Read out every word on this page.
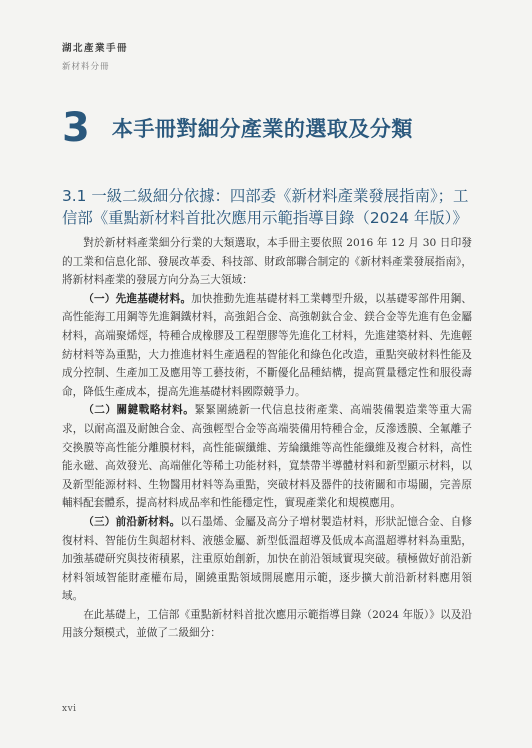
湖北產業手冊
新材料分冊
3 本手冊對細分產業的選取及分類
3.1 一級二級細分依據：四部委《新材料產業發展指南》；工信部《重點新材料首批次應用示範指導目錄（2024 年版）》

對於新材料產業細分行業的大類選取，本手冊主要依照 2016 年 12 月 30 日印發的工業和信息化部、發展改革委、科技部、財政部聯合制定的《新材料產業發展指南》，將新材料產業的發展方向分為三大領域：

（一）先進基礎材料。加快推動先進基礎材料工業轉型升級，以基礎零部件用鋼、高性能海工用鋼等先進鋼鐵材料，高強鋁合金、高強韌鈦合金、鎂合金等先進有色金屬材料，高端聚烯烴，特種合成橡膠及工程塑膠等先進化工材料，先進建築材料、先進輕紡材料等為重點，大力推進材料生產過程的智能化和綠色化改造，重點突破材料性能及成分控制、生產加工及應用等工藝技術，不斷優化品種結構，提高質量穩定性和服役壽命，降低生產成本，提高先進基礎材料國際競爭力。

（二）關鍵戰略材料。緊緊圍繞新一代信息技術產業、高端裝備製造業等重大需求，以耐高溫及耐蝕合金、高強輕型合金等高端裝備用特種合金，反滲透膜、全氟離子交換膜等高性能分離膜材料，高性能碳纖維、芳綸纖維等高性能纖維及複合材料，高性能永磁、高效發光、高端催化等稀土功能材料，寬禁帶半導體材料和新型顯示材料，以及新型能源材料、生物醫用材料等為重點，突破材料及器件的技術關和市場關，完善原輔料配套體系，提高材料成品率和性能穩定性，實現產業化和規模應用。

（三）前沿新材料。以石墨烯、金屬及高分子增材製造材料，形狀記憶合金、自修復材料、智能仿生與超材料、液態金屬、新型低溫超導及低成本高溫超導材料為重點，加強基礎研究與技術積累，注重原始創新，加快在前沿領域實現突破。積極做好前沿新材料領域智能財產權布局，圍繞重點領域開展應用示範，逐步擴大前沿新材料應用領域。

在此基礎上，工信部《重點新材料首批次應用示範指導目錄（2024 年版）》以及沿用該分類模式，並做了二級細分：

xvi
